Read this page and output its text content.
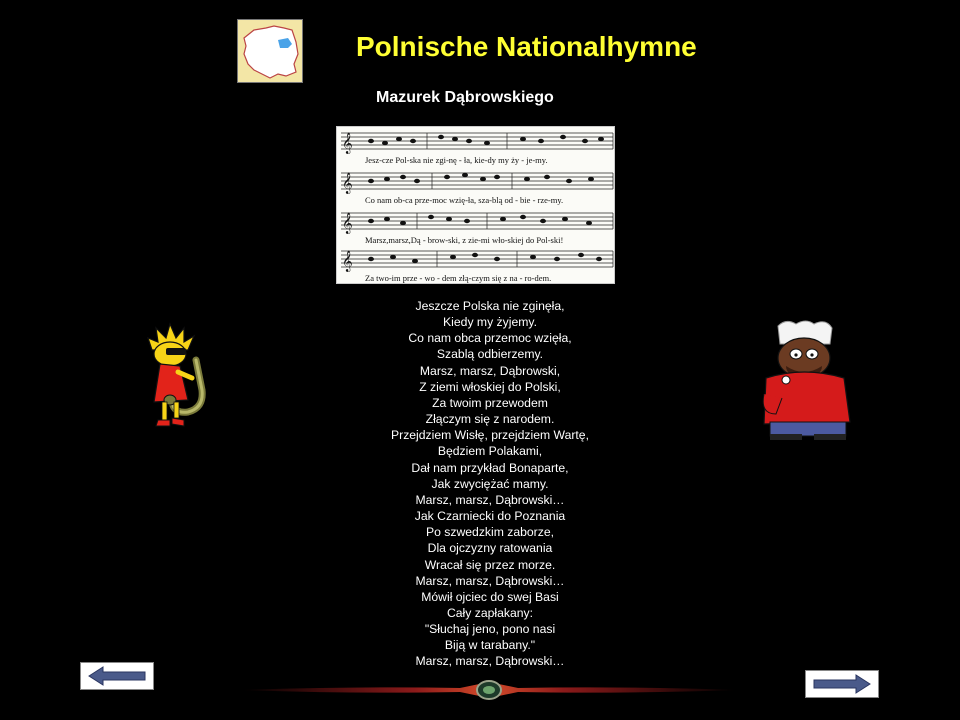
Polnische Nationalhymne
Mazurek Dąbrowskiego
𝄞
𝄞
𝄞
𝄞
Jesz-cze Pol-ska nie zgi-nę - ła, kie-dy my ży - je-my.
Co nam ob-ca prze-moc wzię-ła, sza-blą od - bie - rze-my.
Marsz,marsz,Dą - brow-ski, z zie-mi wło-skiej do Pol-ski!
Za two-im prze - wo - dem złą-czym się z na - ro-dem.
Jeszcze Polska nie zginęła,
Kiedy my żyjemy.
Co nam obca przemoc wzięła,
Szablą odbierzemy.
Marsz, marsz, Dąbrowski,
Z ziemi włoskiej do Polski,
Za twoim przewodem
Złączym się z narodem.
Przejdziem Wisłę, przejdziem Wartę,
Będziem Polakami,
Dał nam przykład Bonaparte,
Jak zwyciężać mamy.
Marsz, marsz, Dąbrowski…
Jak Czarniecki do Poznania
Po szwedzkim zaborze,
Dla ojczyzny ratowania
Wracał się przez morze.
Marsz, marsz, Dąbrowski…
Mówił ojciec do swej Basi
Cały zapłakany:
"Słuchaj jeno, pono nasi
Biją w tarabany."
Marsz, marsz, Dąbrowski…
